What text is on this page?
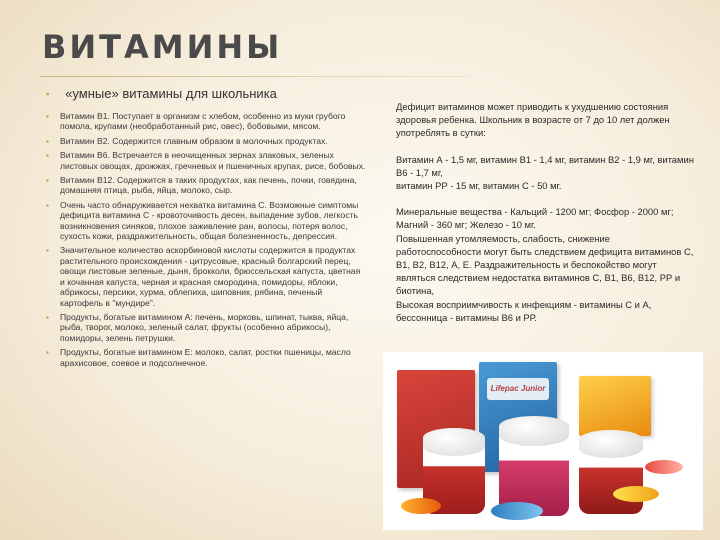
ВИТАМИНЫ
▪ «умные» витамины для школьника
▪ Витамин В1. Поступает в организм с хлебом, особенно из муки грубого помола, крупами (необработанный рис, овес), бобовыми, мясом.
▪ Витамин В2. Содержится главным образом в молочных продуктах.
▪ Витамин В6. Встречается в неочищенных зернах злаковых, зеленых листовых овощах, дрожжах, гречневых и пшеничных крупах, рисе, бобовых.
▪ Витамин В12. Содержится в таких продуктах, как печень, почки, говядина, домашняя птица, рыба, яйца, молоко, сыр.
▪ Очень часто обнаруживается нехватка витамина С. Возможные симптомы дефицита витамина С - кровоточивость десен, выпадение зубов, легкость возникновения синяков, плохое заживление ран, волосы, потеря волос, сухость кожи, раздражительность, общая болезненность, депрессия.
▪ Значительное количество аскорбиновой кислоты содержится в продуктах растительного происхождения - цитрусовые, красный болгарский перец, овощи листовые зеленые, дыня, брокколи, брюссельская капуста, цветная и кочанная капуста, черная и красная смородина, помидоры, яблоки, абрикосы, персики, хурма, облепиха, шиповник, рябина, печеный картофель в "мундире".
▪ Продукты, богатые витамином А: печень, морковь, шпинат, тыква, яйца, рыба, творог, молоко, зеленый салат, фрукты (особенно абрикосы), помидоры, зелень петрушки.
▪ Продукты, богатые витамином Е: молоко, салат, ростки пшеницы, масло арахисовое, соевое и подсолнечное.

Дефицит витаминов может приводить к ухудшению состояния здоровья ребенка. Школьник в возрасте от 7 до 10 лет должен употреблять в сутки:

Витамин А - 1,5 мг, витамин В1 - 1,4 мг, витамин В2 - 1,9 мг, витамин В6 - 1,7 мг,

витамин РР - 15 мг, витамин С - 50 мг.

Минеральные вещества - Кальций - 1200 мг; Фосфор - 2000 мг; Магний - 360 мг; Железо - 10 мг.

Повышенная утомляемость, слабость, снижение работоспособности могут быть следствием дефицита витаминов С, В1, В2, В12, А, Е. Раздражительность и беспокойство могут являться следствием недостатка витаминов С, В1, В6, В12, РР и биотина,

Высокая восприимчивость к инфекциям - витамины С и А, бессонница - витамины В6 и РР.

Lifepac Junior
